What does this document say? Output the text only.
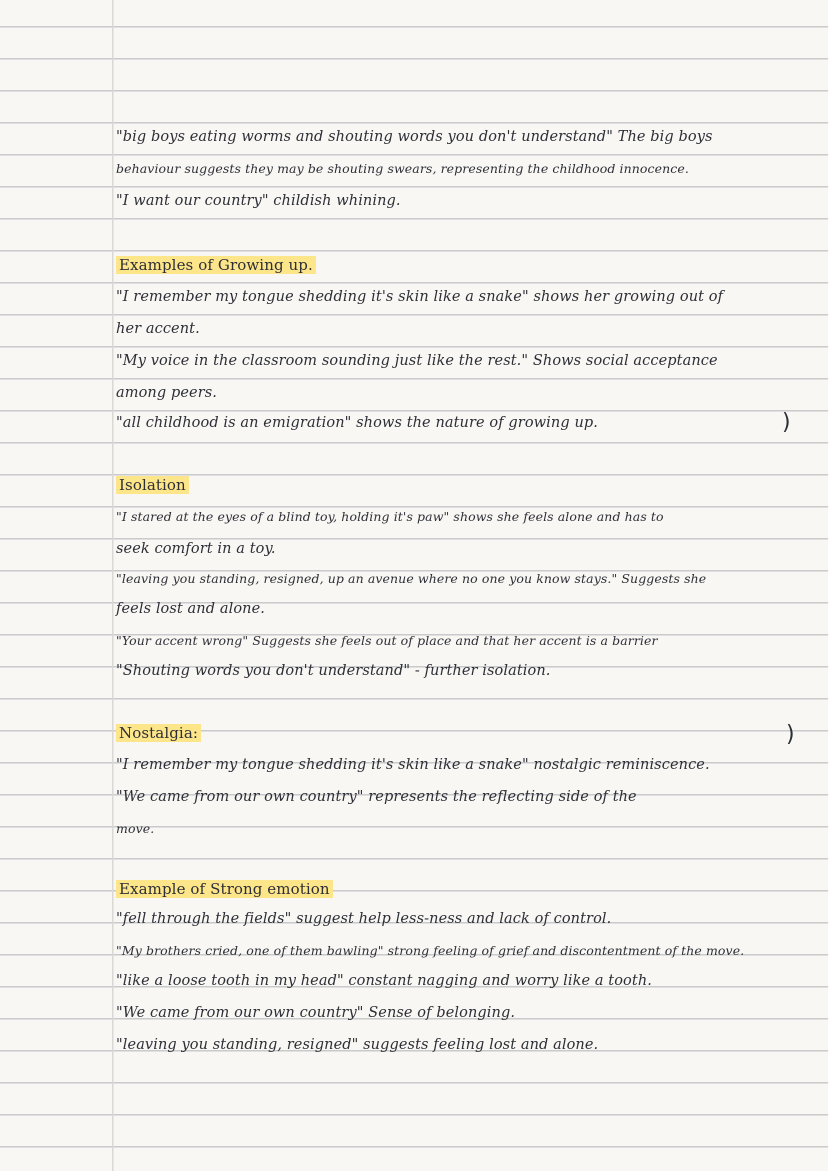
"big boys eating worms and shouting words you don't understand" The big boys
behaviour suggests they may be shouting swears, representing the childhood innocence.
"I want our country" childish whining.
Examples of Growing up.
"I remember my tongue shedding it's skin like a snake" shows her growing out of
her accent.
"My voice in the classroom sounding just like the rest." Shows social acceptance
among peers.
"all childhood is an emigration" shows the nature of growing up.	)
Isolation
"I stared at the eyes of a blind toy, holding it's paw" shows she feels alone and has to
seek comfort in a toy.
"leaving you standing, resigned, up an avenue where no one you know stays." Suggests she
feels lost and alone.
"Your accent wrong" Suggests she feels out of place and that her accent is a barrier
"Shouting words you don't understand" - further isolation.
Nostalgia:	)
"I remember my tongue shedding it's skin like a snake" nostalgic reminiscence.
"We came from our own country" represents the reflecting side of the
move.
Example of Strong emotion
"fell through the fields" suggest help less-ness and lack of control.
"My brothers cried, one of them bawling" strong feeling of grief and discontentment of the move.
"like a loose tooth in my head" constant nagging and worry like a tooth.
"We came from our own country" Sense of belonging.
"leaving you standing, resigned" suggests feeling lost and alone.
